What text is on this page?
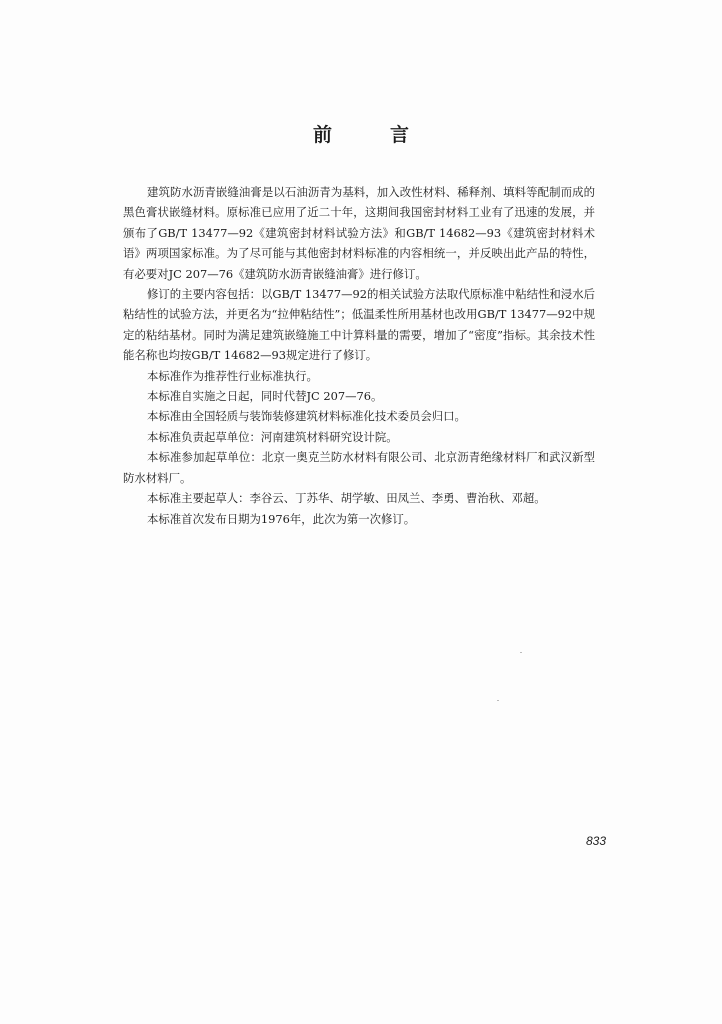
前言

建筑防水沥青嵌缝油膏是以石油沥青为基料，加入改性材料、稀释剂、填料等配制而成的黑色膏状嵌缝材料。原标准已应用了近二十年，这期间我国密封材料工业有了迅速的发展，并颁布了GB/T 13477—92《建筑密封材料试验方法》和GB/T 14682—93《建筑密封材料术语》两项国家标准。为了尽可能与其他密封材料标准的内容相统一，并反映出此产品的特性，有必要对JC 207—76《建筑防水沥青嵌缝油膏》进行修订。

修订的主要内容包括：以GB/T 13477—92的相关试验方法取代原标准中粘结性和浸水后粘结性的试验方法，并更名为“拉伸粘结性”；低温柔性所用基材也改用GB/T 13477—92中规定的粘结基材。同时为满足建筑嵌缝施工中计算料量的需要，增加了“密度”指标。其余技术性能名称也均按GB/T 14682—93规定进行了修订。

本标准作为推荐性行业标准执行。

本标准自实施之日起，同时代替JC 207—76。

本标准由全国轻质与装饰装修建筑材料标准化技术委员会归口。

本标准负责起草单位：河南建筑材料研究设计院。

本标准参加起草单位：北京一奥克兰防水材料有限公司、北京沥青绝缘材料厂和武汉新型防水材料厂。

本标准主要起草人：李谷云、丁苏华、胡学敏、田凤兰、李勇、曹治秋、邓超。

本标准首次发布日期为1976年，此次为第一次修订。

833
